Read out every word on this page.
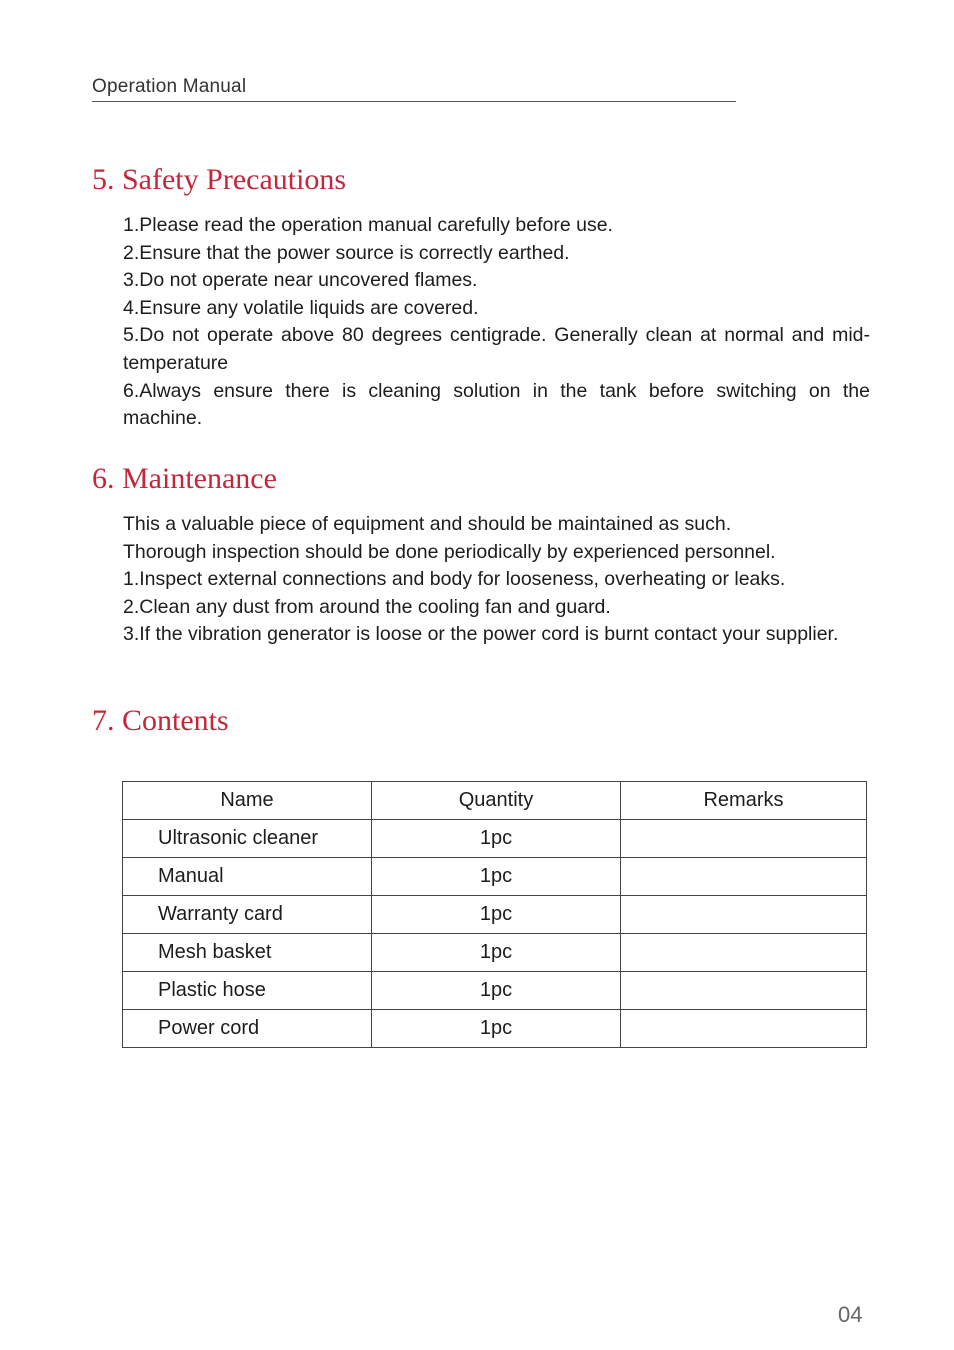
Operation Manual
5. Safety Precautions

1.Please read the operation manual carefully before use.

2.Ensure that the power source is correctly earthed.

3.Do not operate near uncovered flames.

4.Ensure any volatile liquids are covered.

5.Do not operate above 80 degrees centigrade. Generally clean at normal and mid-temperature

6.Always ensure there is cleaning solution in the tank before switching on the machine.

6. Maintenance

This a valuable piece of equipment and should be maintained as such.

Thorough inspection should be done periodically by experienced personnel.

1.Inspect external connections and body for looseness, overheating or leaks.

2.Clean any dust from around the cooling fan and guard.

3.If the vibration generator is loose or the power cord is burnt contact your supplier.

7. Contents
Name	Quantity	Remarks
Ultrasonic cleaner	1pc	
Manual	1pc	
Warranty card	1pc	
Mesh basket	1pc	
Plastic hose	1pc	
Power cord	1pc	
04
